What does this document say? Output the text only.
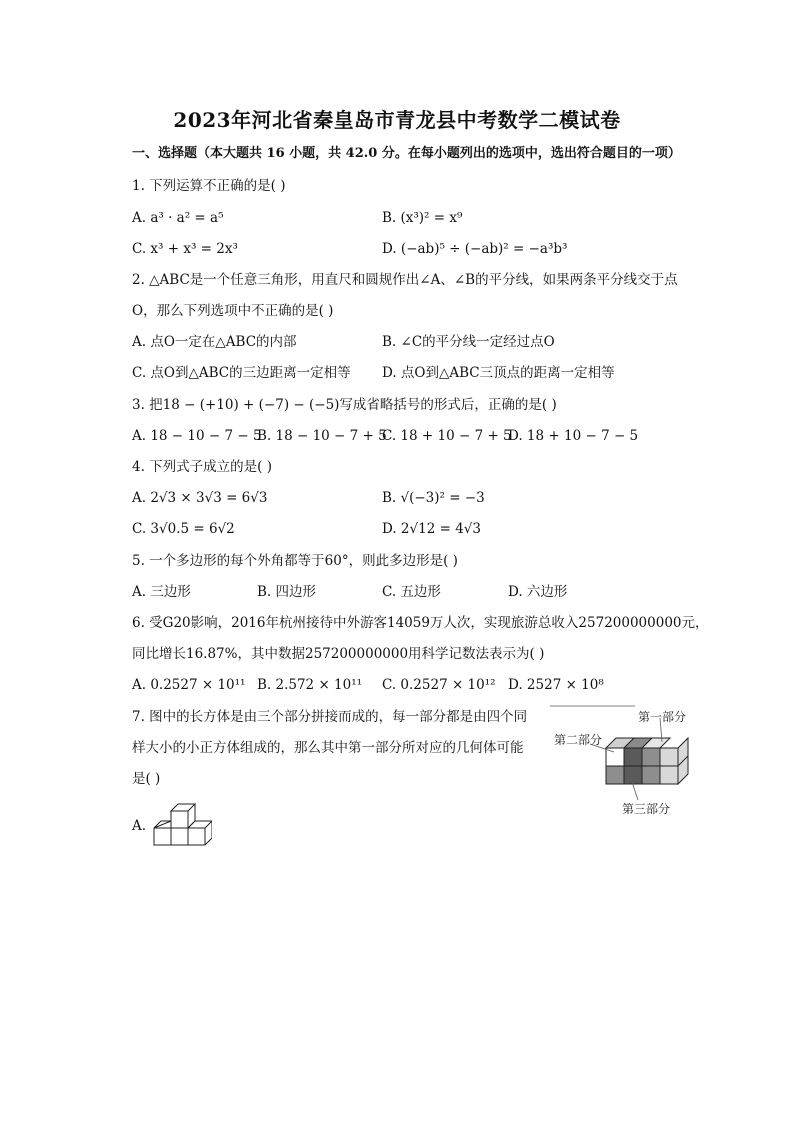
2023年河北省秦皇岛市青龙县中考数学二模试卷
一、选择题（本大题共 16 小题，共 42.0 分。在每小题列出的选项中，选出符合题目的一项）
1. 下列运算不正确的是( )
A. a³ · a² = a⁵	B. (x³)² = x⁹
C. x³ + x³ = 2x³	D. (−ab)⁵ ÷ (−ab)² = −a³b³
2. △ABC是一个任意三角形，用直尺和圆规作出∠A、∠B的平分线，如果两条平分线交于点
O，那么下列选项中不正确的是( )
A. 点O一定在△ABC的内部	B. ∠C的平分线一定经过点O
C. 点O到△ABC的三边距离一定相等 D. 点O到△ABC三顶点的距离一定相等
3. 把18 − (+10) + (−7) − (−5)写成省略括号的形式后，正确的是( )
A. 18 − 10 − 7 − 5
B. 18 − 10 − 7 + 5
C. 18 + 10 − 7 + 5
D. 18 + 10 − 7 − 5
4. 下列式子成立的是( )
A. 2√3 × 3√3 = 6√3	B. √(−3)² = −3
C. 3√0.5 = 6√2	D. 2√12 = 4√3
5. 一个多边形的每个外角都等于60°，则此多边形是( )
A. 三边形	B. 四边形	C. 五边形	D. 六边形
6. 受G20影响，2016年杭州接待中外游客14059万人次，实现旅游总收入257200000000元，
同比增长16.87%，其中数据257200000000用科学记数法表示为( )
A. 0.2527 × 10¹¹ B. 2.572 × 10¹¹ C. 0.2527 × 10¹² D. 2527 × 10⁸
7. 图中的长方体是由三个部分拼接而成的，每一部分都是由四个同
样大小的小正方体组成的，那么其中第一部分所对应的几何体可能
是( )
第一部分
第二部分
第三部分
A.
